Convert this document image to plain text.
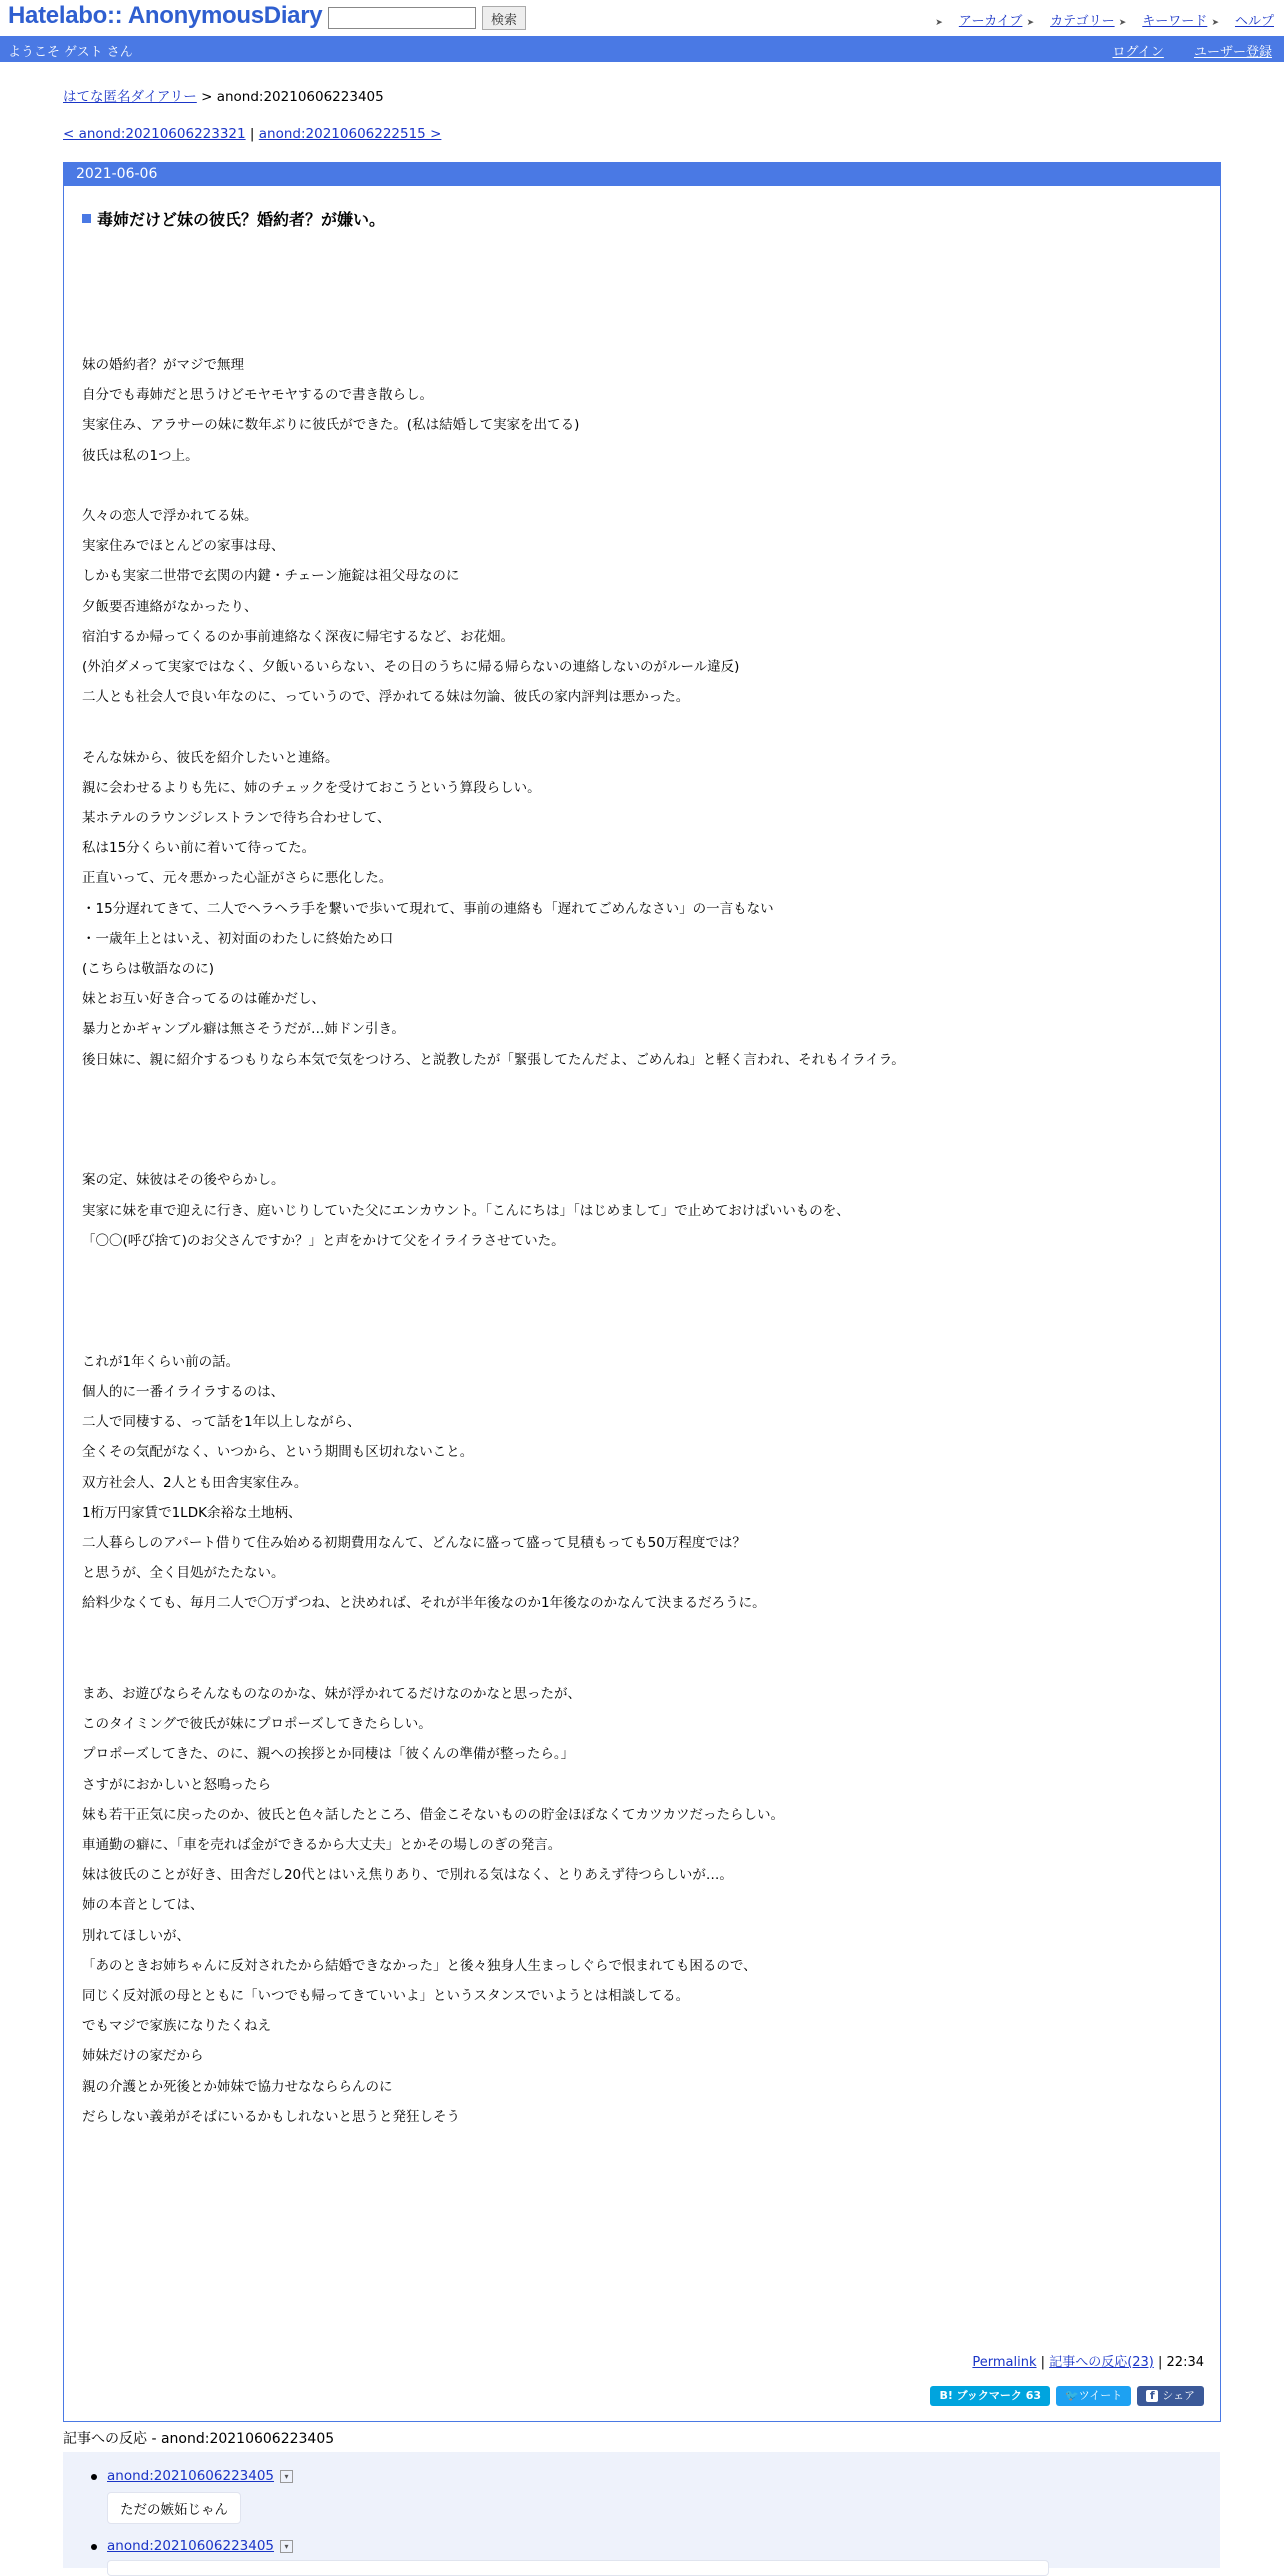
Hatelabo:: AnonymousDiary	検索	➤ アーカイブ ➤ カテゴリー ➤ キーワード ➤ ヘルプ
ようこそ ゲスト さん	ログイン ユーザー登録
はてな匿名ダイアリー > anond:20210606223405
< anond:20210606223321 | anond:20210606222515 >
2021-06-06
毒姉だけど妹の彼氏？婚約者？が嫌い。

妹の婚約者？がマジで無理

自分でも毒姉だと思うけどモヤモヤするので書き散らし。

実家住み、アラサーの妹に数年ぶりに彼氏ができた。(私は結婚して実家を出てる)

彼氏は私の1つ上。

久々の恋人で浮かれてる妹。

実家住みでほとんどの家事は母、

しかも実家二世帯で玄関の内鍵・チェーン施錠は祖父母なのに

夕飯要否連絡がなかったり、

宿泊するか帰ってくるのか事前連絡なく深夜に帰宅するなど、お花畑。

(外泊ダメって実家ではなく、夕飯いるいらない、その日のうちに帰る帰らないの連絡しないのがルール違反)

二人とも社会人で良い年なのに、っていうので、浮かれてる妹は勿論、彼氏の家内評判は悪かった。

そんな妹から、彼氏を紹介したいと連絡。

親に会わせるよりも先に、姉のチェックを受けておこうという算段らしい。

某ホテルのラウンジレストランで待ち合わせして、

私は15分くらい前に着いて待ってた。

正直いって、元々悪かった心証がさらに悪化した。

・15分遅れてきて、二人でヘラヘラ手を繋いで歩いて現れて、事前の連絡も「遅れてごめんなさい」の一言もない

・一歳年上とはいえ、初対面のわたしに終始ため口

(こちらは敬語なのに)

妹とお互い好き合ってるのは確かだし、

暴力とかギャンブル癖は無さそうだが…姉ドン引き。

後日妹に、親に紹介するつもりなら本気で気をつけろ、と説教したが「緊張してたんだよ、ごめんね」と軽く言われ、それもイライラ。

案の定、妹彼はその後やらかし。

実家に妹を車で迎えに行き、庭いじりしていた父にエンカウント。「こんにちは」「はじめまして」で止めておけばいいものを、

「〇〇(呼び捨て)のお父さんですか？」と声をかけて父をイライラさせていた。

これが1年くらい前の話。

個人的に一番イライラするのは、

二人で同棲する、って話を1年以上しながら、

全くその気配がなく、いつから、という期間も区切れないこと。

双方社会人、2人とも田舎実家住み。

1桁万円家賃で1LDK余裕な土地柄、

二人暮らしのアパート借りて住み始める初期費用なんて、どんなに盛って盛って見積もっても50万程度では？

と思うが、全く目処がたたない。

給料少なくても、毎月二人で〇万ずつね、と決めれば、それが半年後なのか1年後なのかなんて決まるだろうに。

まあ、お遊びならそんなものなのかな、妹が浮かれてるだけなのかなと思ったが、

このタイミングで彼氏が妹にプロポーズしてきたらしい。

プロポーズしてきた、のに、親への挨拶とか同棲は「彼くんの準備が整ったら。」

さすがにおかしいと怒鳴ったら

妹も若干正気に戻ったのか、彼氏と色々話したところ、借金こそないものの貯金ほぼなくてカツカツだったらしい。

車通勤の癖に、「車を売れば金ができるから大丈夫」とかその場しのぎの発言。

妹は彼氏のことが好き、田舎だし20代とはいえ焦りあり、で別れる気はなく、とりあえず待つらしいが…。

姉の本音としては、

別れてほしいが、

「あのときお姉ちゃんに反対されたから結婚できなかった」と後々独身人生まっしぐらで恨まれても困るので、

同じく反対派の母とともに「いつでも帰ってきていいよ」というスタンスでいようとは相談してる。

でもマジで家族になりたくねえ

姉妹だけの家だから

親の介護とか死後とか姉妹で協力せななららんのに

だらしない義弟がそばにいるかもしれないと思うと発狂しそう

Permalink | 記事への反応(23) | 22:34
B! ブックマーク 63	🐦ツイート	f シェア
記事への反応 - anond:20210606223405
anond:20210606223405 ▾
ただの嫉妬じゃん
anond:20210606223405 ▾
